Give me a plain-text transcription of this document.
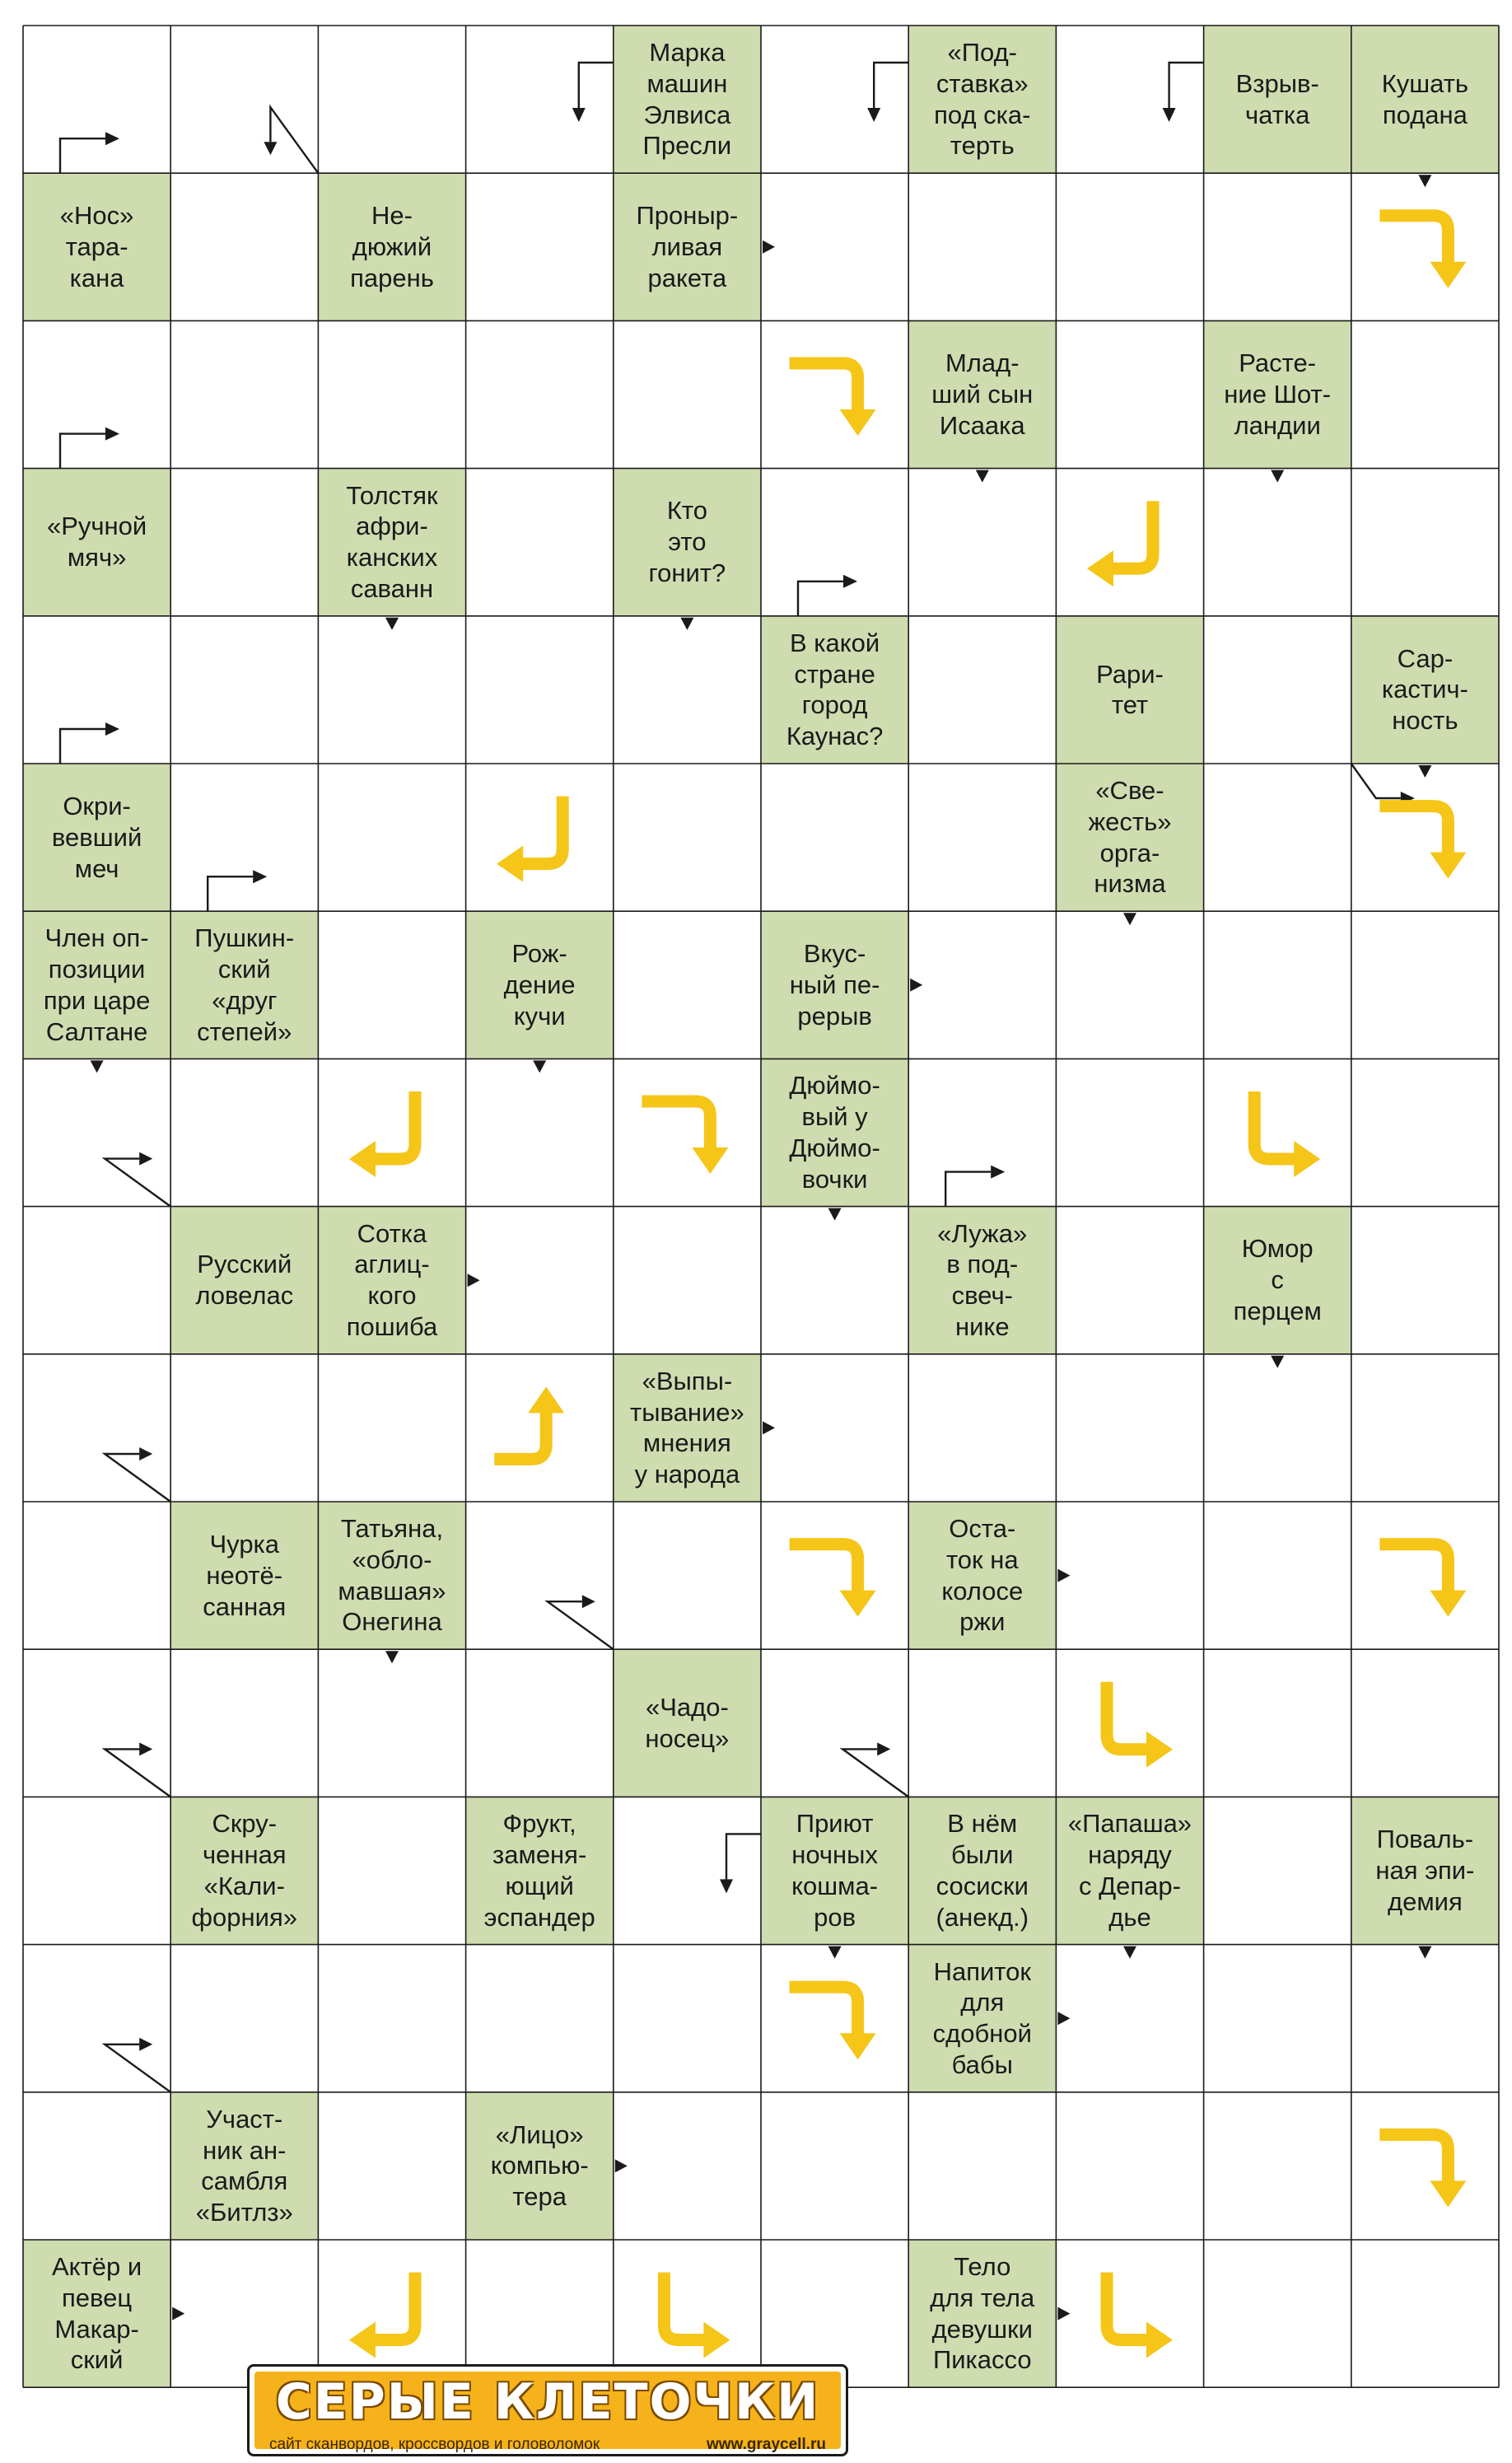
Марка
машин
Элвиса
Пресли
«Под-
ставка»
под ска-
терть
Взрыв-
чатка
Кушать
подана
«Нос»
тара-
кана
Не-
дюжий
парень
Проныр-
ливая
ракета
Млад-
ший сын
Исаака
Расте-
ние Шот-
ландии
«Ручной
мяч»
Толстяк
афри-
канских
саванн
Кто
это
гонит?
В какой
стране
город
Каунас?
Рари-
тет
Сар-
кастич-
ность
Окри-
вевший
меч
«Све-
жесть»
орга-
низма
Член оп-
позиции
при царе
Салтане
Пушкин-
ский
«друг
степей»
Рож-
дение
кучи
Вкус-
ный пе-
рерыв
Дюймо-
вый у
Дюймо-
вочки
Русский
ловелас
Сотка
аглиц-
кого
пошиба
«Лужа»
в под-
свеч-
нике
Юмор
с
перцем
«Выпы-
тывание»
мнения
у народа
Чурка
неотё-
санная
Татьяна,
«обло-
мавшая»
Онегина
Оста-
ток на
колосе
ржи
«Чадо-
носец»
Скру-
ченная
«Кали-
форния»
Фрукт,
заменя-
ющий
эспандер
Приют
ночных
кошма-
ров
В нём
были
сосиски
(анекд.)
«Папаша»
наряду
с Депар-
дье
Поваль-
ная эпи-
демия
Напиток
для
сдобной
бабы
Участ-
ник ан-
самбля
«Битлз»
«Лицо»
компью-
тера
Актёр и
певец
Макар-
ский
Тело
для тела
девушки
Пикассо
СЕРЫЕ КЛЕТОЧКИ
сайт сканвордов, кроссвордов и головоломок	www.graycell.ru
